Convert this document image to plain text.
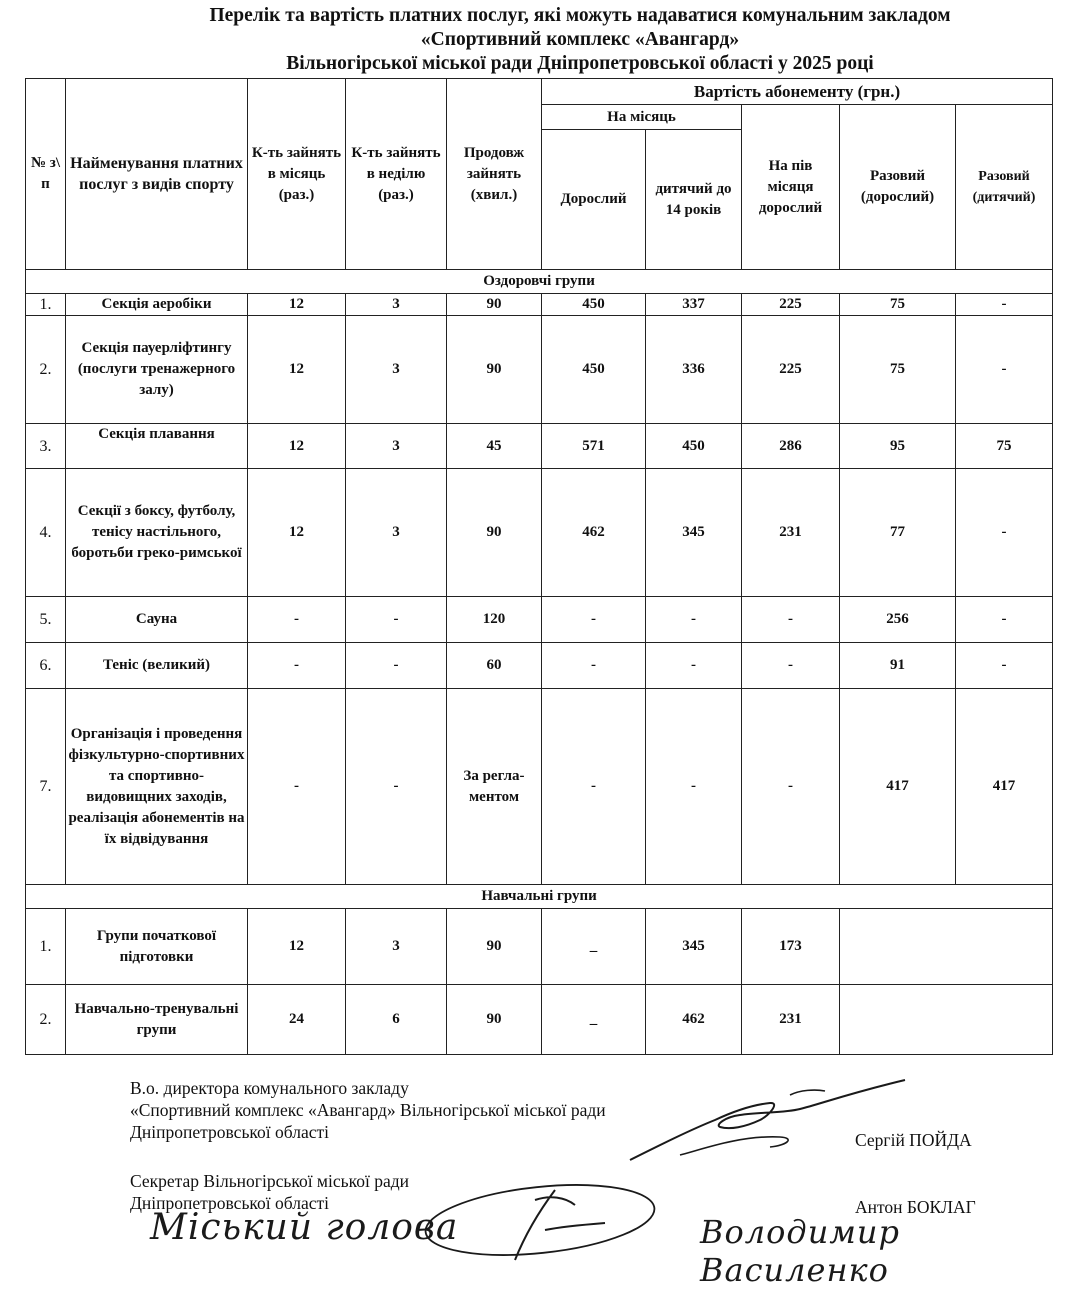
Перелік та вартість платних послуг, які можуть надаватися комунальним закладом
«Спортивний комплекс «Авангард»
Вільногірської міської ради Дніпропетровської області у 2025 році
№ з\ п	Найменування платних послуг з видів спорту	К-ть зайнять в місяць (раз.)	К-ть зайнять в неділю (раз.)	Продовж зайнять (хвил.)	Вартість абонементу (грн.)				
					На місяць		На пів місяця дорослий	Разовий (дорослий)	Разовий (дитячий)
					Дорослий	дитячий до 14 років			
Оздоровчі групи									
1.	Секція аеробіки	12	3	90	450	337	225	75	-
2.	Секція пауерліфтингу (послуги тренажерного залу)	12	3	90	450	336	225	75	-
3.	Секція плавання	12	3	45	571	450	286	95	75
4.	Секції з боксу, футболу, тенісу настільного, боротьби греко-римської	12	3	90	462	345	231	77	-
5.	Сауна	-	-	120	-	-	-	256	-
6.	Теніс (великий)	-	-	60	-	-	-	91	-
7.	Організація і проведення фізкультурно-спортивних та спортивно-видовищних заходів, реалізація абонементів на їх відвідування	-	-	За регла-ментом	-	-	-	417	417
Навчальні групи									
1.	Групи початкової підготовки	12	3	90	_	345	173		
2.	Навчально-тренувальні групи	24	6	90	_	462	231		
В.о. директора комунального закладу
«Спортивний комплекс «Авангард» Вільногірської міської ради
Дніпропетровської області	Сергій ПОЙДА
Секретар Вільногірської міської ради
Дніпропетровської області	Антон БОКЛАГ
Міський голова	Володимир Василенко
